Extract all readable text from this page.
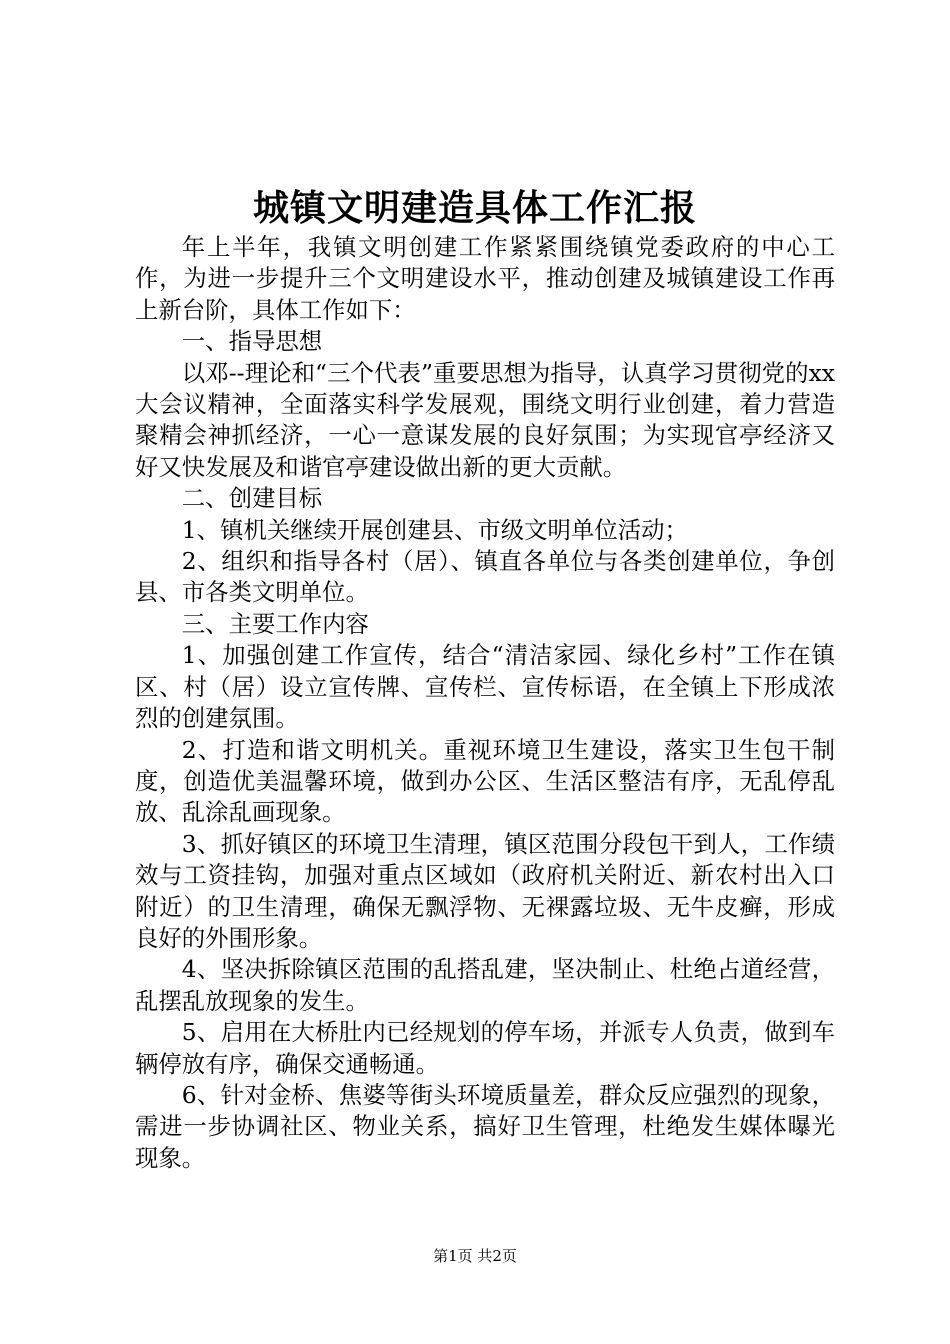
城镇文明建造具体工作汇报

年上半年，我镇文明创建工作紧紧围绕镇党委政府的中心工作，为进一步提升三个文明建设水平，推动创建及城镇建设工作再上新台阶，具体工作如下：

一、指导思想

以邓--理论和“三个代表”重要思想为指导，认真学习贯彻党的xx大会议精神，全面落实科学发展观，围绕文明行业创建，着力营造聚精会神抓经济，一心一意谋发展的良好氛围；为实现官亭经济又好又快发展及和谐官亭建设做出新的更大贡献。

二、创建目标

1、镇机关继续开展创建县、市级文明单位活动；

2、组织和指导各村（居）、镇直各单位与各类创建单位，争创县、市各类文明单位。

三、主要工作内容

1、加强创建工作宣传，结合“清洁家园、绿化乡村”工作在镇区、村（居）设立宣传牌、宣传栏、宣传标语，在全镇上下形成浓烈的创建氛围。

2、打造和谐文明机关。重视环境卫生建设，落实卫生包干制度，创造优美温馨环境，做到办公区、生活区整洁有序，无乱停乱放、乱涂乱画现象。

3、抓好镇区的环境卫生清理，镇区范围分段包干到人，工作绩效与工资挂钩，加强对重点区域如（政府机关附近、新农村出入口附近）的卫生清理，确保无飘浮物、无裸露垃圾、无牛皮癣，形成良好的外围形象。

4、坚决拆除镇区范围的乱搭乱建，坚决制止、杜绝占道经营，乱摆乱放现象的发生。

5、启用在大桥肚内已经规划的停车场，并派专人负责，做到车辆停放有序，确保交通畅通。

6、针对金桥、焦婆等街头环境质量差，群众反应强烈的现象，需进一步协调社区、物业关系，搞好卫生管理，杜绝发生媒体曝光现象。

第1页 共2页
